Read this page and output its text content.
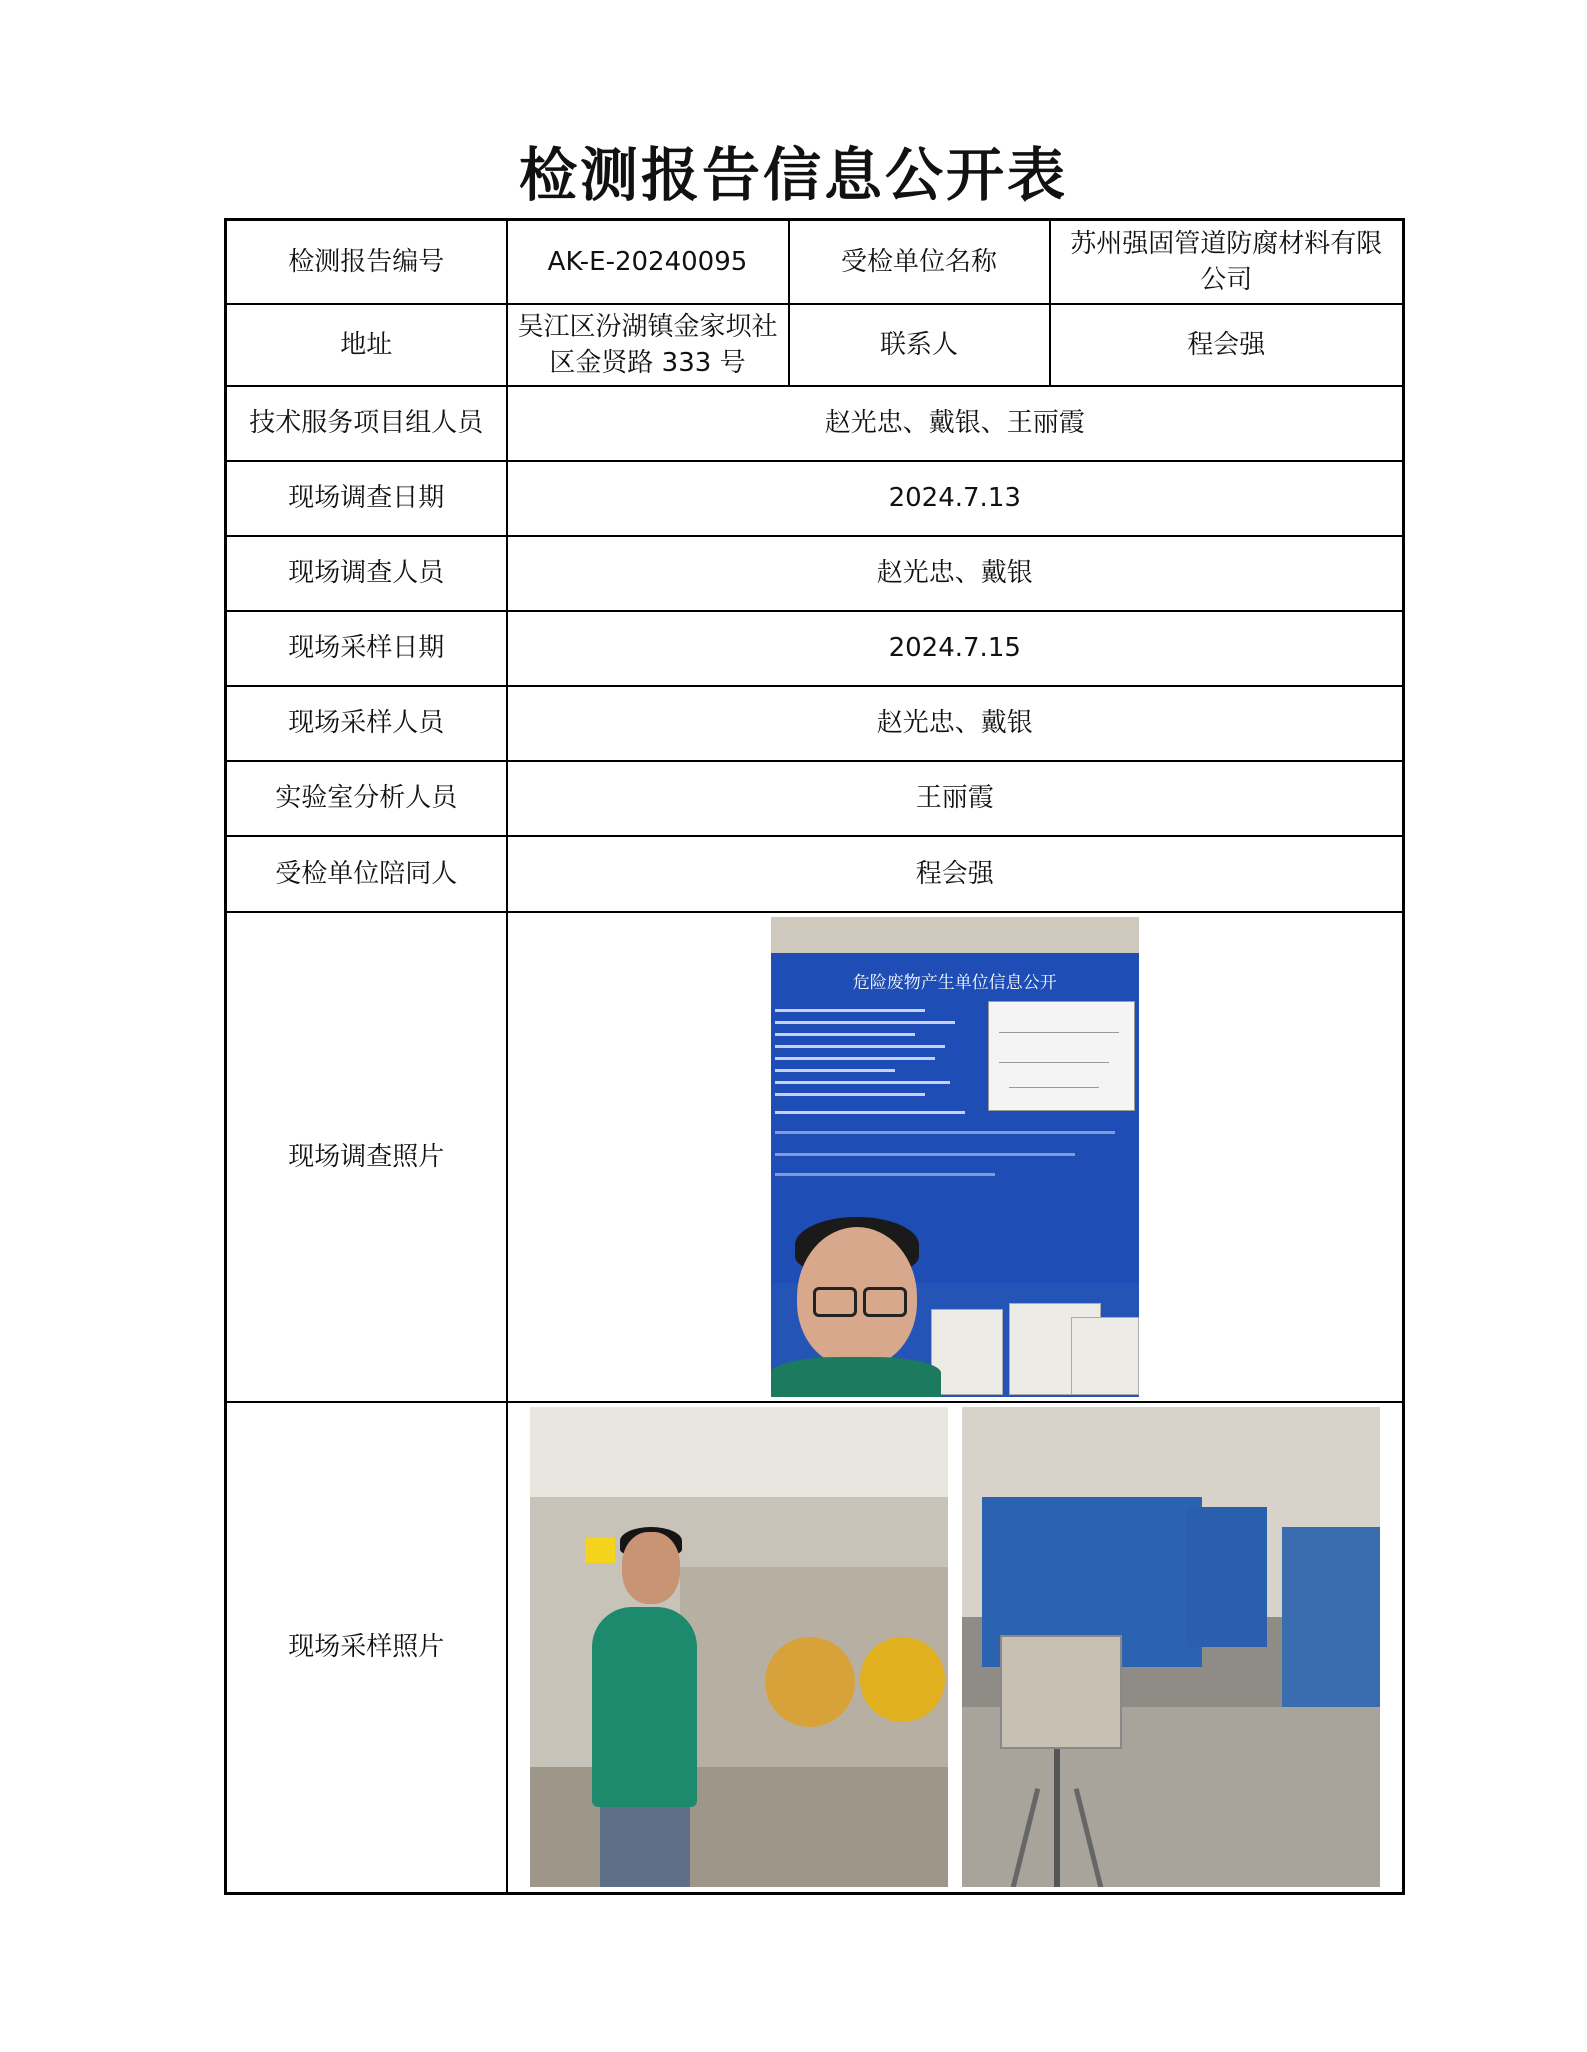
检测报告信息公开表
检测报告编号	AK-E-20240095	受检单位名称	苏州强固管道防腐材料有限公司
地址	吴江区汾湖镇金家坝社区金贤路 333 号	联系人	程会强
技术服务项目组人员	赵光忠、戴银、王丽霞		
现场调查日期	2024.7.13		
现场调查人员	赵光忠、戴银		
现场采样日期	2024.7.15		
现场采样人员	赵光忠、戴银		
实验室分析人员	王丽霞		
受检单位陪同人	程会强		
现场调查照片	危险废物产生单位信息公开		

现场采样照片			
